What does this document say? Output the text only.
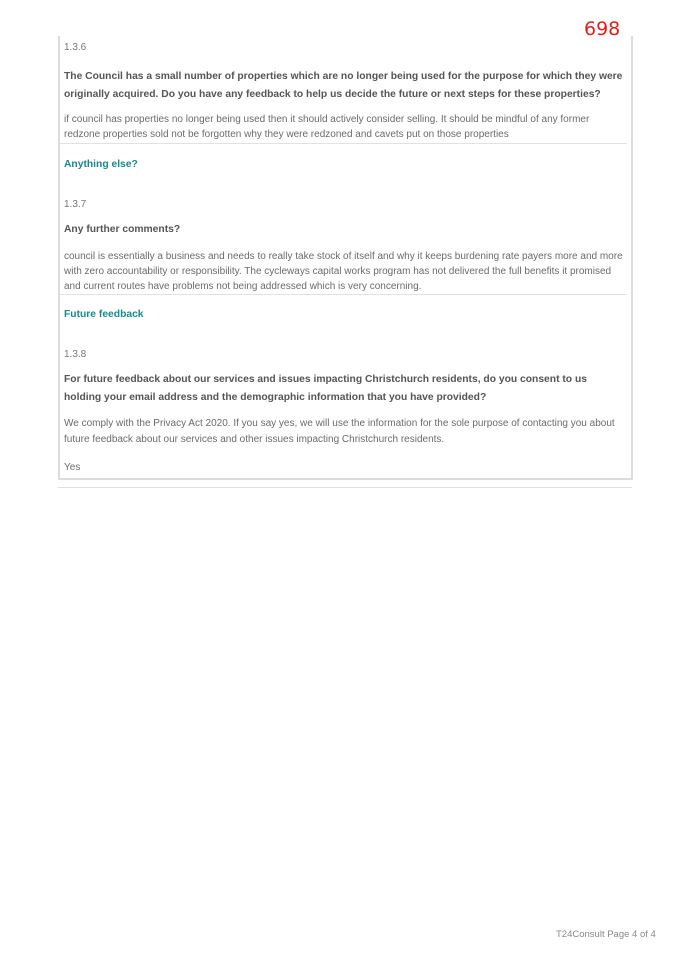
698
1.3.6
The Council has a small number of properties which are no longer being used for the purpose for which they were originally acquired. Do you have any feedback to help us decide the future or next steps for these properties?
if council has properties no longer being used then it should actively consider selling. It should be mindful of any former redzone properties sold not be forgotten why they were redzoned and cavets put on those properties
Anything else?
1.3.7
Any further comments?
council is essentially a business and needs to really take stock of itself and why it keeps burdening rate payers more and more with zero accountability or responsibility. The cycleways capital works program has not delivered the full benefits it promised and current routes have problems not being addressed which is very concerning.
Future feedback
1.3.8
For future feedback about our services and issues impacting Christchurch residents, do you consent to us holding your email address and the demographic information that you have provided?
We comply with the Privacy Act 2020. If you say yes, we will use the information for the sole purpose of contacting you about future feedback about our services and other issues impacting Christchurch residents.
Yes
T24Consult Page 4 of 4
